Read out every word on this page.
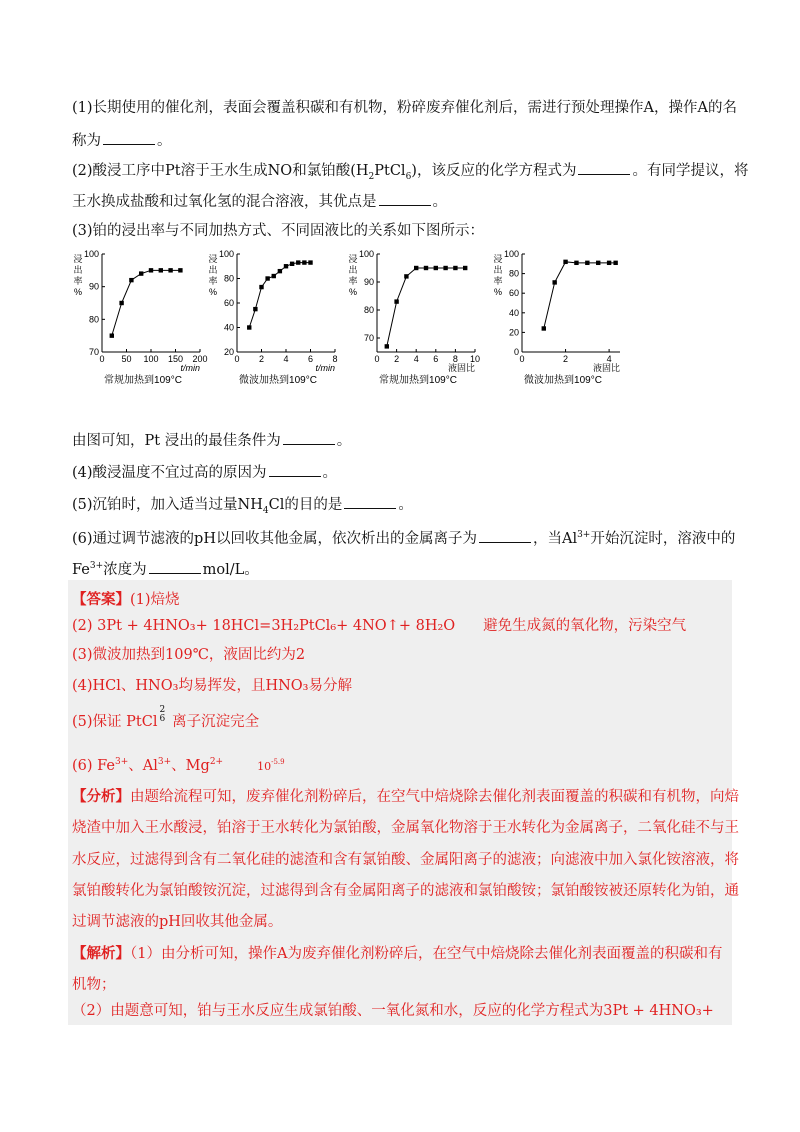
(1)长期使用的催化剂，表面会覆盖积碳和有机物，粉碎废弃催化剂后，需进行预处理操作A，操作A的名
称为	。
(2)酸浸工序中Pt溶于王水生成NO和氯铂酸$(H_2PtCl_6)$，该反应的化学方程式为	。有同学提议，将
王水换成盐酸和过氧化氢的混合溶液，其优点是	。
(3)铂的浸出率与不同加热方式、不同固液比的关系如下图所示：
浸
出
率
%
70
80
90
100
0 50 100 150 200
t/min
常规加热到109°C
浸
出
率
%
20
40
60
80
100
0 2 4 6 8
t/min
微波加热到109°C
浸
出
率
%
70
80
90
100
0 2 4 6 8 10
液固比
常规加热到109°C
浸
出
率
%
0
20
40
60
80
100
0	2	4
液固比
微波加热到109°C
由图可知，Pt 浸出的最佳条件为	。
(4)酸浸温度不宜过高的原因为	。
(5)沉铂时，加入适当过量$NH_4Cl$的目的是	。
(6)通过调节滤液的pH以回收其他金属，依次析出的金属离子为	，当$Al^{3+}$开始沉淀时，溶液中的
$Fe^{3+}$浓度为	mol/L。
【答案】(1)焙烧
(2) 3Pt + 4HNO₃+ 18HCl=3H₂PtCl₆+ 4NO↑+ 8H₂O 避免生成氮的氧化物，污染空气
(3)微波加热到109℃，液固比约为2
(4)HCl、HNO₃均易挥发，且HNO₃易分解
(5)保证 PtCl
2
6 离子沉淀完全
(6) $Fe^{3+}$、$Al^{3+}$、$Mg^{2+}$	$10^{-5.9}$
【分析】由题给流程可知，废弃催化剂粉碎后，在空气中焙烧除去催化剂表面覆盖的积碳和有机物，向焙
烧渣中加入王水酸浸，铂溶于王水转化为氯铂酸，金属氧化物溶于王水转化为金属离子，二氧化硅不与王
水反应，过滤得到含有二氧化硅的滤渣和含有氯铂酸、金属阳离子的滤液；向滤液中加入氯化铵溶液，将
氯铂酸转化为氯铂酸铵沉淀，过滤得到含有金属阳离子的滤液和氯铂酸铵；氯铂酸铵被还原转化为铂，通
过调节滤液的pH回收其他金属。
【解析】（1）由分析可知，操作A为废弃催化剂粉碎后，在空气中焙烧除去催化剂表面覆盖的积碳和有
机物；
（2）由题意可知，铂与王水反应生成氯铂酸、一氧化氮和水，反应的化学方程式为3Pt + 4HNO₃+
